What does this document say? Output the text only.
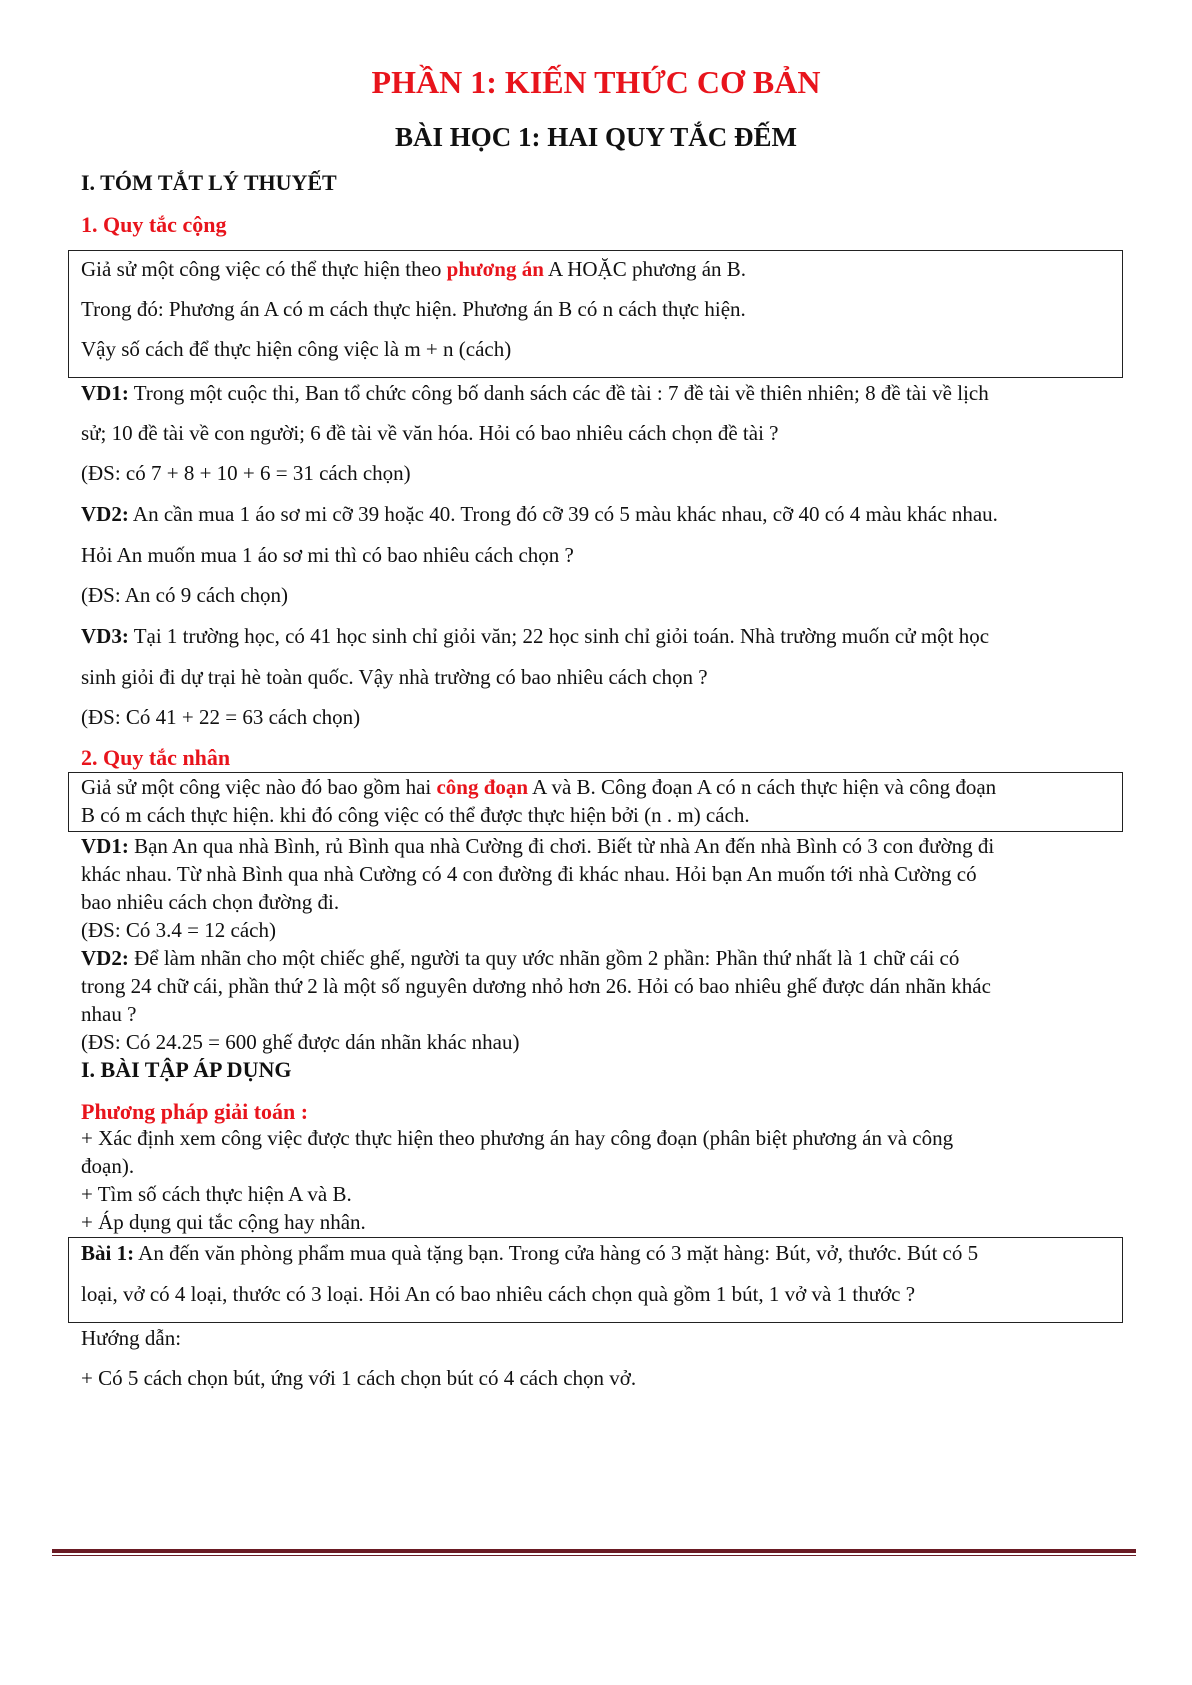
PHẦN 1: KIẾN THỨC CƠ BẢN
BÀI HỌC 1: HAI QUY TẮC ĐẾM
I. TÓM TẮT LÝ THUYẾT
1. Quy tắc cộng
Giả sử một công việc có thể thực hiện theo phương án A HOẶC phương án B.
Trong đó: Phương án A có m cách thực hiện. Phương án B có n cách thực hiện.
Vậy số cách để thực hiện công việc là m + n (cách)
VD1: Trong một cuộc thi, Ban tổ chức công bố danh sách các đề tài : 7 đề tài về thiên nhiên; 8 đề tài về lịch
sử; 10 đề tài về con người; 6 đề tài về văn hóa. Hỏi có bao nhiêu cách chọn đề tài ?
(ĐS: có 7 + 8 + 10 + 6 = 31 cách chọn)
VD2: An cần mua 1 áo sơ mi cỡ 39 hoặc 40. Trong đó cỡ 39 có 5 màu khác nhau, cỡ 40 có 4 màu khác nhau.
Hỏi An muốn mua 1 áo sơ mi thì có bao nhiêu cách chọn ?
(ĐS: An có 9 cách chọn)
VD3: Tại 1 trường học, có 41 học sinh chỉ giỏi văn; 22 học sinh chỉ giỏi toán. Nhà trường muốn cử một học
sinh giỏi đi dự trại hè toàn quốc. Vậy nhà trường có bao nhiêu cách chọn ?
(ĐS: Có 41 + 22 = 63 cách chọn)
2. Quy tắc nhân
Giả sử một công việc nào đó bao gồm hai công đoạn A và B. Công đoạn A có n cách thực hiện và công đoạn
B có m cách thực hiện. khi đó công việc có thể được thực hiện bởi (n . m) cách.
VD1: Bạn An qua nhà Bình, rủ Bình qua nhà Cường đi chơi. Biết từ nhà An đến nhà Bình có 3 con đường đi
khác nhau. Từ nhà Bình qua nhà Cường có 4 con đường đi khác nhau. Hỏi bạn An muốn tới nhà Cường có
bao nhiêu cách chọn đường đi.
(ĐS: Có 3.4 = 12 cách)
VD2: Để làm nhãn cho một chiếc ghế, người ta quy ước nhãn gồm 2 phần: Phần thứ nhất là 1 chữ cái có
trong 24 chữ cái, phần thứ 2 là một số nguyên dương nhỏ hơn 26. Hỏi có bao nhiêu ghế được dán nhãn khác
nhau ?
(ĐS: Có 24.25 = 600 ghế được dán nhãn khác nhau)
I. BÀI TẬP ÁP DỤNG
Phương pháp giải toán :
+ Xác định xem công việc được thực hiện theo phương án hay công đoạn (phân biệt phương án và công
đoạn).
+ Tìm số cách thực hiện A và B.
+ Áp dụng qui tắc cộng hay nhân.
Bài 1: An đến văn phòng phẩm mua quà tặng bạn. Trong cửa hàng có 3 mặt hàng: Bút, vở, thước. Bút có 5
loại, vở có 4 loại, thước có 3 loại. Hỏi An có bao nhiêu cách chọn quà gồm 1 bút, 1 vở và 1 thước ?
Hướng dẫn:
+ Có 5 cách chọn bút, ứng với 1 cách chọn bút có 4 cách chọn vở.
